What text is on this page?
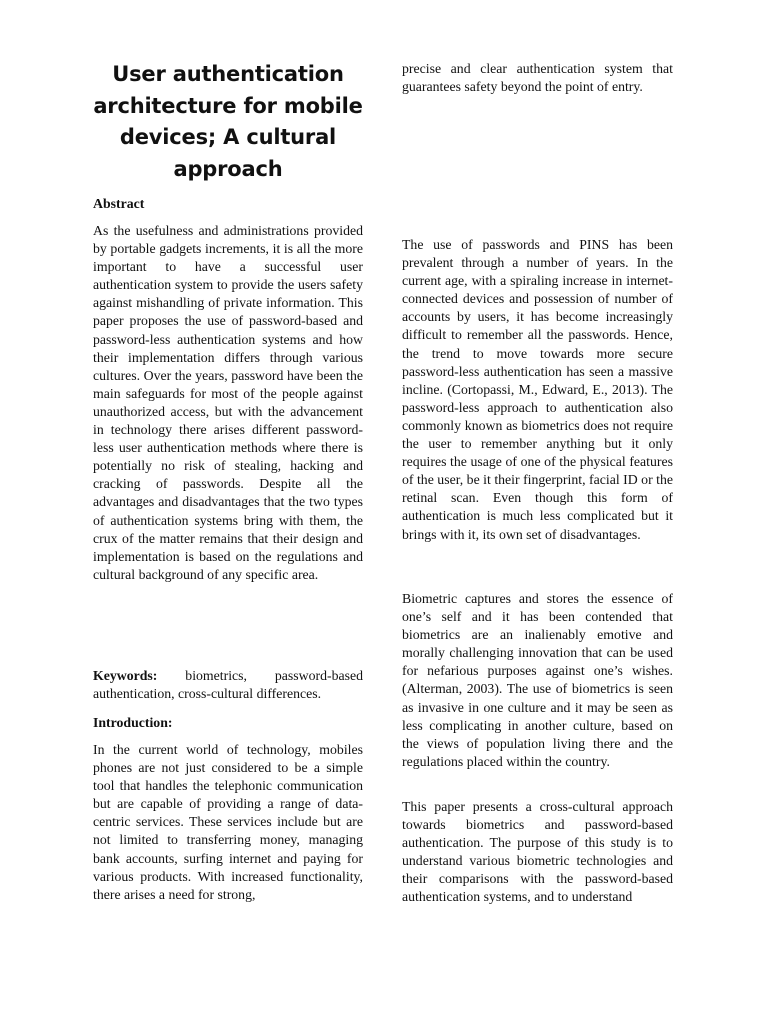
User authentication architecture for mobile devices; A cultural approach

Abstract

As the usefulness and administrations provided by portable gadgets increments, it is all the more important to have a successful user authentication system to provide the users safety against mishandling of private information. This paper proposes the use of password-based and password-less authentication systems and how their implementation differs through various cultures. Over the years, password have been the main safeguards for most of the people against unauthorized access, but with the advancement in technology there arises different password-less user authentication methods where there is potentially no risk of stealing, hacking and cracking of passwords. Despite all the advantages and disadvantages that the two types of authentication systems bring with them, the crux of the matter remains that their design and implementation is based on the regulations and cultural background of any specific area.

Keywords: biometrics, password-based authentication, cross-cultural differences.

Introduction:

In the current world of technology, mobiles phones are not just considered to be a simple tool that handles the telephonic communication but are capable of providing a range of data-centric services. These services include but are not limited to transferring money, managing bank accounts, surfing internet and paying for various products. With increased functionality, there arises a need for strong,

precise and clear authentication system that guarantees safety beyond the point of entry.

The use of passwords and PINS has been prevalent through a number of years. In the current age, with a spiraling increase in internet-connected devices and possession of number of accounts by users, it has become increasingly difficult to remember all the passwords. Hence, the trend to move towards more secure password-less authentication has seen a massive incline. (Cortopassi, M., Edward, E., 2013). The password-less approach to authentication also commonly known as biometrics does not require the user to remember anything but it only requires the usage of one of the physical features of the user, be it their fingerprint, facial ID or the retinal scan. Even though this form of authentication is much less complicated but it brings with it, its own set of disadvantages.

Biometric captures and stores the essence of one’s self and it has been contended that biometrics are an inalienably emotive and morally challenging innovation that can be used for nefarious purposes against one’s wishes. (Alterman, 2003). The use of biometrics is seen as invasive in one culture and it may be seen as less complicating in another culture, based on the views of population living there and the regulations placed within the country.

This paper presents a cross-cultural approach towards biometrics and password-based authentication. The purpose of this study is to understand various biometric technologies and their comparisons with the password-based authentication systems, and to understand
